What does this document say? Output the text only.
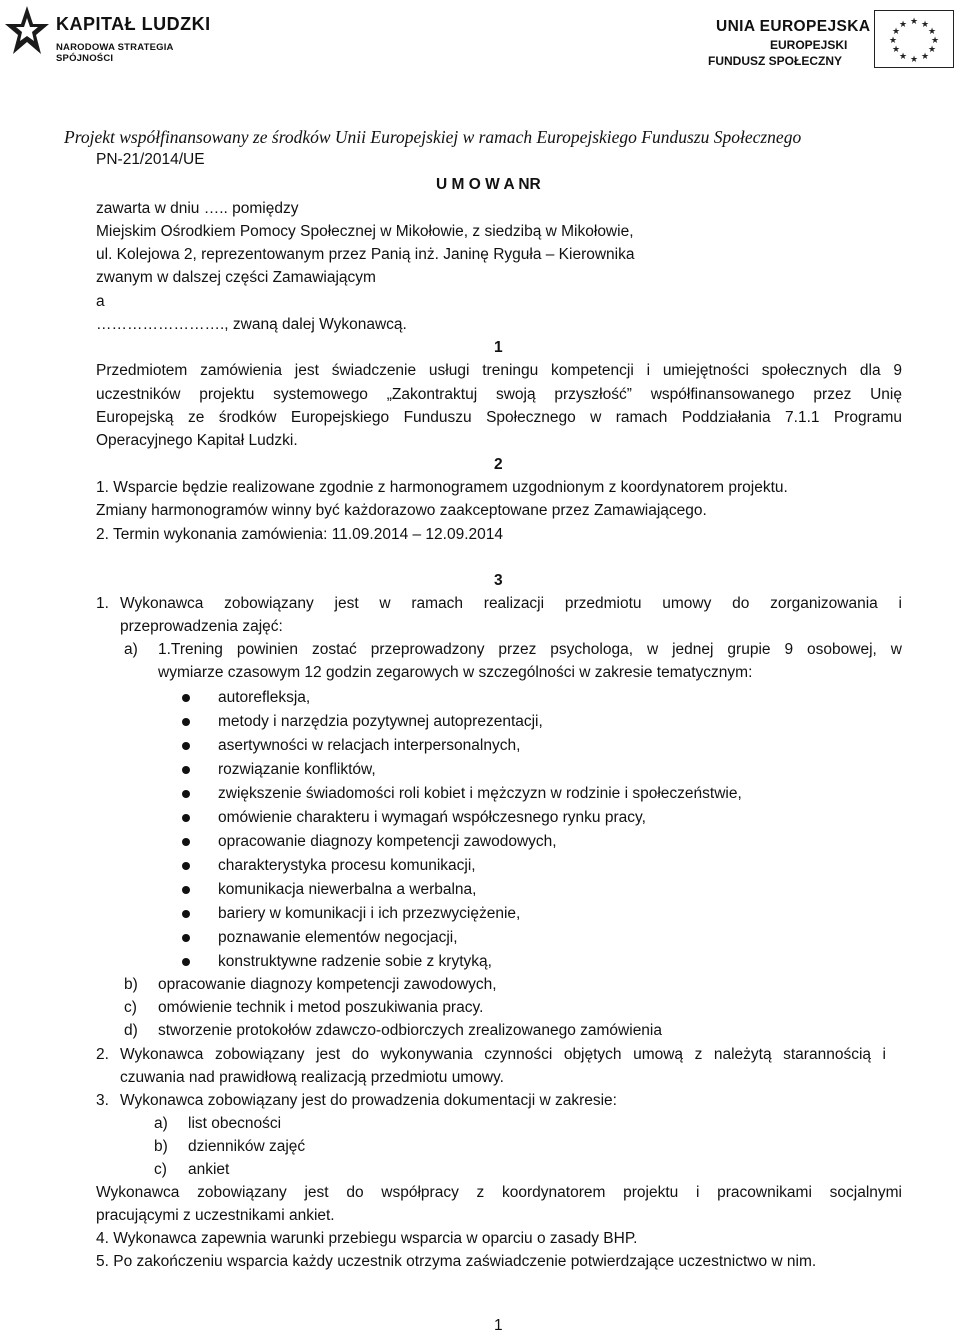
KAPITAŁ LUDZKI
NARODOWA STRATEGIA SPÓJNOŚCI
UNIA EUROPEJSKA
EUROPEJSKI
FUNDUSZ SPOŁECZNY
★ ★
★
★
★
★
★
★
★
★
★
★
Projekt współfinansowany ze środków Unii Europejskiej w ramach Europejskiego Funduszu Społecznego
PN-21/2014/UE
U M O W A NR
zawarta w dniu ….. pomiędzy
Miejskim Ośrodkiem Pomocy Społecznej w Mikołowie, z siedzibą w Mikołowie,
ul. Kolejowa 2, reprezentowanym przez Panią inż. Janinę Ryguła – Kierownika
zwanym w dalszej części Zamawiającym
a
……………………., zwaną dalej Wykonawcą.
1
Przedmiotem zamówienia jest świadczenie usługi treningu kompetencji i umiejętności społecznych dla 9
uczestników projektu systemowego „Zakontraktuj swoją przyszłość” współfinansowanego przez Unię
Europejską ze środków Europejskiego Funduszu Społecznego w ramach Poddziałania 7.1.1 Programu
Operacyjnego Kapitał Ludzki.
2
1. Wsparcie będzie realizowane zgodnie z harmonogramem uzgodnionym z koordynatorem projektu.
Zmiany harmonogramów winny być każdorazowo zaakceptowane przez Zamawiającego.
2. Termin wykonania zamówienia: 11.09.2014 – 12.09.2014
3
1. Wykonawca zobowiązany jest w ramach realizacji przedmiotu umowy do zorganizowania i
przeprowadzenia zajęć:
a) 1.Trening powinien zostać przeprowadzony przez psychologa, w jednej grupie 9 osobowej, w
wymiarze czasowym 12 godzin zegarowych w szczególności w zakresie tematycznym:
autorefleksja,
metody i narzędzia pozytywnej autoprezentacji,
asertywności w relacjach interpersonalnych,
rozwiązanie konfliktów,
zwiększenie świadomości roli kobiet i mężczyzn w rodzinie i społeczeństwie,
omówienie charakteru i wymagań współczesnego rynku pracy,
opracowanie diagnozy kompetencji zawodowych,
charakterystyka procesu komunikacji,
komunikacja niewerbalna a werbalna,
bariery w komunikacji i ich przezwyciężenie,
poznawanie elementów negocjacji,
konstruktywne radzenie sobie z krytyką,
b) opracowanie diagnozy kompetencji zawodowych,
c) omówienie technik i metod poszukiwania pracy.
d) stworzenie protokołów zdawczo-odbiorczych zrealizowanego zamówienia
2. Wykonawca zobowiązany jest do wykonywania czynności objętych umową z należytą starannością i
czuwania nad prawidłową realizacją przedmiotu umowy.
3. Wykonawca zobowiązany jest do prowadzenia dokumentacji w zakresie:
a) list obecności
b) dzienników zajęć
c) ankiet
Wykonawca zobowiązany jest do współpracy z koordynatorem projektu i pracownikami socjalnymi
pracującymi z uczestnikami ankiet.
4. Wykonawca zapewnia warunki przebiegu wsparcia w oparciu o zasady BHP.
5. Po zakończeniu wsparcia każdy uczestnik otrzyma zaświadczenie potwierdzające uczestnictwo w nim.
1
